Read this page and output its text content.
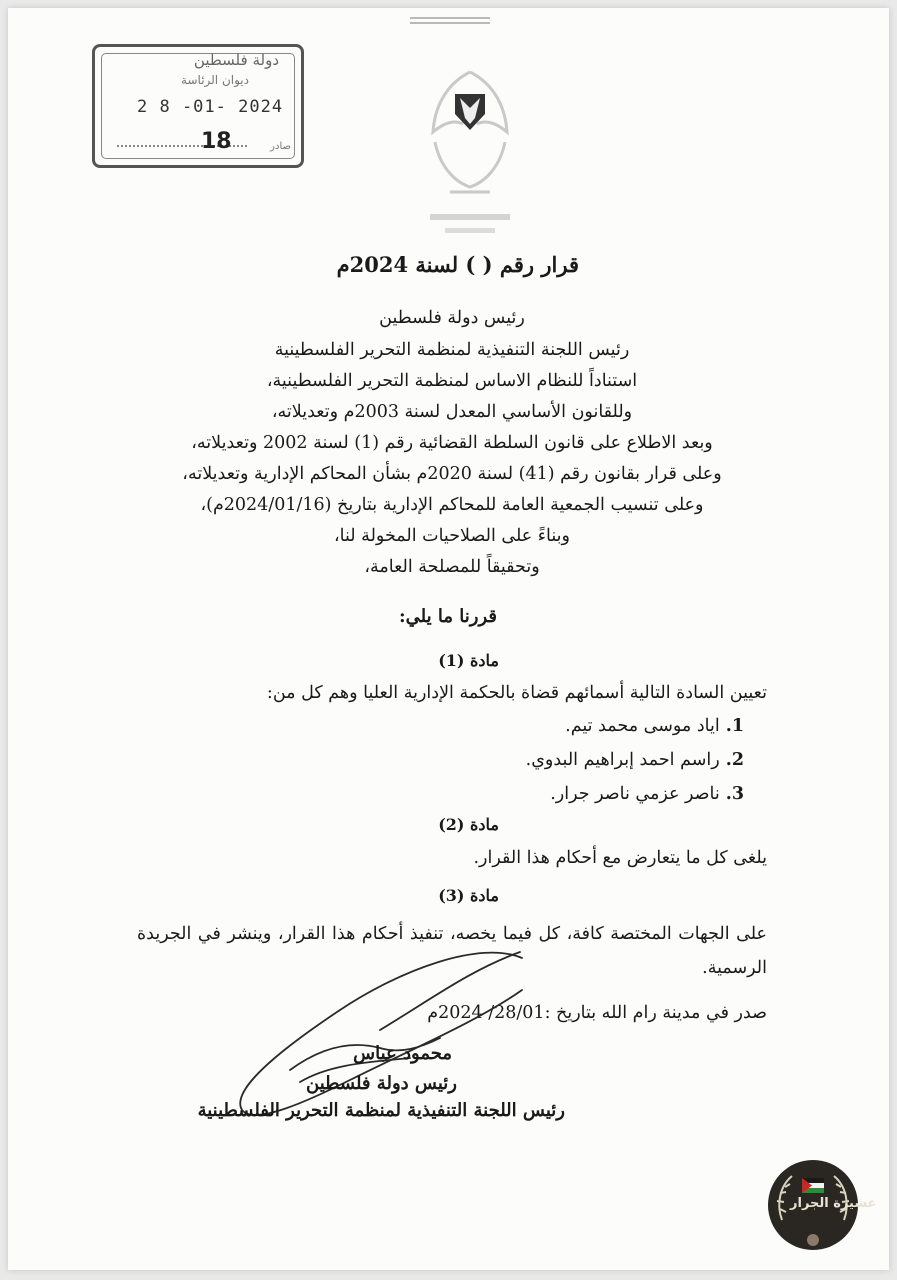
دولة فلسطين
ديوان الرئاسة
2 8 -01- 2024
18	صادر
قرار رقم ( ) لسنة 2024م
رئيس دولة فلسطين
رئيس اللجنة التنفيذية لمنظمة التحرير الفلسطينية
استناداً للنظام الاساس لمنظمة التحرير الفلسطينية،
وللقانون الأساسي المعدل لسنة 2003م وتعديلاته،
وبعد الاطلاع على قانون السلطة القضائية رقم (1) لسنة 2002 وتعديلاته،
وعلى قرار بقانون رقم (41) لسنة 2020م بشأن المحاكم الإدارية وتعديلاته،
وعلى تنسيب الجمعية العامة للمحاكم الإدارية بتاريخ (2024/01/16م)،
وبناءً على الصلاحيات المخولة لنا،
وتحقيقاً للمصلحة العامة،
قررنا ما يلي:
مادة (1)
تعيين السادة التالية أسمائهم قضاة بالحكمة الإدارية العليا وهم كل من:
1.اياد موسى محمد تيم.
2.راسم احمد إبراهيم البدوي.
3.ناصر عزمي ناصر جرار.
مادة (2)
يلغى كل ما يتعارض مع أحكام هذا القرار.
مادة (3)
على الجهات المختصة كافة، كل فيما يخصه، تنفيذ أحكام هذا القرار، وينشر في الجريدة الرسمية.
صدر في مدينة رام الله بتاريخ :28/01/ 2024م
محمود عباس
رئيس دولة فلسطين
رئيس اللجنة التنفيذية لمنظمة التحرير الفلسطينية
عشيرة الجرار
